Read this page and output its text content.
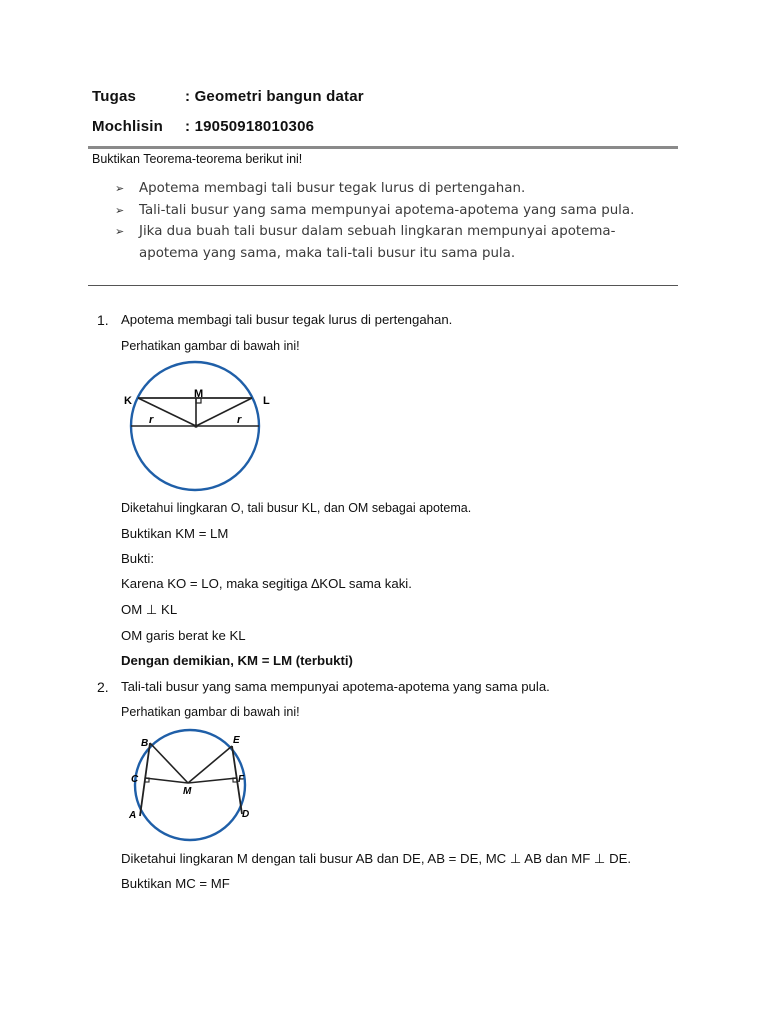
Tugas	: Geometri bangun datar
Mochlisin : 19050918010306
Buktikan Teorema-teorema berikut ini!
➢ Apotema membagi tali busur tegak lurus di pertengahan.
➢ Tali-tali busur yang sama mempunyai apotema-apotema yang sama pula.
➢ Jika dua buah tali busur dalam sebuah lingkaran mempunyai apotema-apotema yang sama, maka tali-tali busur itu sama pula.
1. Apotema membagi tali busur tegak lurus di pertengahan.
Perhatikan gambar di bawah ini!
K
M
L
r	r
Diketahui lingkaran O, tali busur KL, dan OM sebagai apotema.
Buktikan KM = LM
Bukti:
Karena KO = LO, maka segitiga ∆KOL sama kaki.
OM ⊥ KL
OM garis berat ke KL
Dengan demikian, KM = LM (terbukti)
2. Tali-tali busur yang sama mempunyai apotema-apotema yang sama pula.
Perhatikan gambar di bawah ini!
B	E
C	F
M
A	D
Diketahui lingkaran M dengan tali busur AB dan DE, AB = DE, MC ⊥ AB dan MF ⊥ DE.
Buktikan MC = MF
